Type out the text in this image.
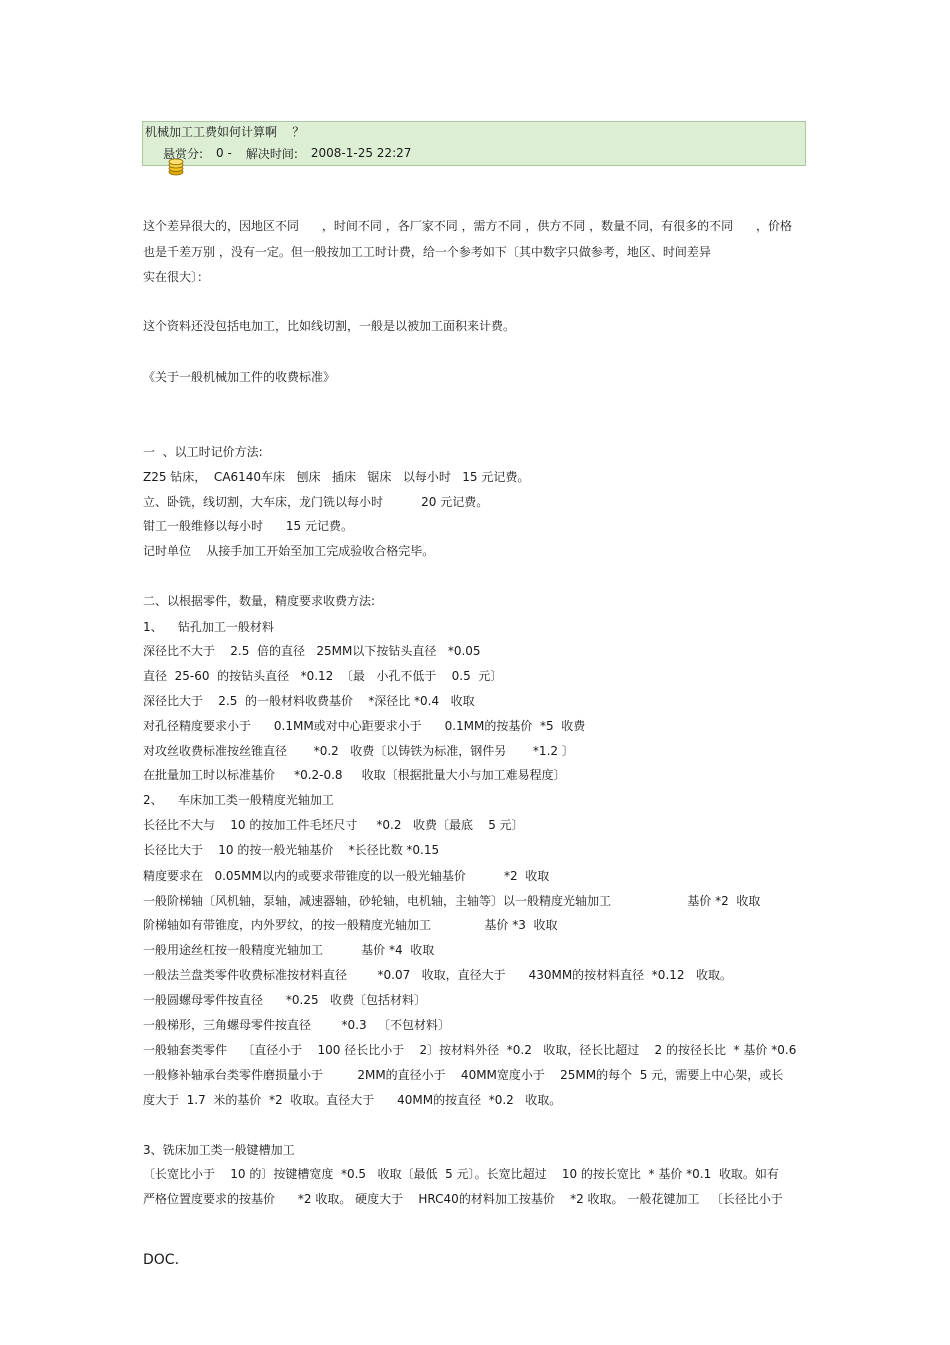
机械加工工费如何计算啊    ？

悬赏分: 0 - 解决时间: 2008-1-25 22:27
这个差异很大的，因地区不同      ，时间不同 ，各厂家不同 ，需方不同 ，供方不同 ，数量不同，有很多的不同      ，价格
也是千差万别 ，没有一定。但一般按加工工时计费，给一个参考如下〔其中数字只做参考，地区、时间差异
实在很大〕：
这个资料还没包括电加工，比如线切割，一般是以被加工面积来计费。
《关于一般机械加工件的收费标准》
一  、以工时记价方法:
Z25 钻床，  CA6140车床   刨床   插床   锯床   以每小时   15 元记费。
立、卧铣，线切割，大车床，龙门铣以每小时          20 元记费。
钳工一般维修以每小时      15 元记费。
记时单位    从接手加工开始至加工完成验收合格完毕。
二、以根据零件，数量，精度要求收费方法:
1、    钻孔加工一般材料
深径比不大于    2.5  倍的直径   25MM以下按钻头直径   *0.05
直径  25-60  的按钻头直径   *0.12  〔最   小孔不低于    0.5  元〕
深径比大于    2.5  的一般材料收费基价    *深径比 *0.4   收取
对孔径精度要求小于      0.1MM或对中心距要求小于      0.1MM的按基价  *5  收费
对攻丝收费标准按丝锥直径       *0.2   收费〔以铸铁为标准，钢件另       *1.2 〕
在批量加工时以标准基价     *0.2-0.8     收取〔根据批量大小与加工难易程度〕
2、    车床加工类一般精度光轴加工
长径比不大与    10 的按加工件毛坯尺寸     *0.2   收费〔最底    5 元〕
长径比大于    10 的按一般光轴基价    *长径比数 *0.15
精度要求在   0.05MM以内的或要求带锥度的以一般光轴基价          *2  收取
一般阶梯轴〔风机轴，泵轴，减速器轴，砂轮轴，电机轴，主轴等〕以一般精度光轴加工                    基价 *2  收取
阶梯轴如有带锥度，内外罗纹，的按一般精度光轴加工              基价 *3  收取
一般用途丝杠按一般精度光轴加工          基价 *4  收取
一般法兰盘类零件收费标准按材料直径        *0.07   收取，直径大于      430MM的按材料直径  *0.12   收取。
一般圆螺母零件按直径      *0.25   收费〔包括材料〕
一般梯形，三角螺母零件按直径        *0.3   〔不包材料〕
一般轴套类零件    〔直径小于    100 径长比小于    2〕按材料外径  *0.2   收取，径长比超过    2 的按径长比  * 基价 *0.6
一般修补轴承台类零件磨损量小于         2MM的直径小于    40MM宽度小于    25MM的每个  5 元，需要上中心架，或长
度大于  1.7  米的基价  *2  收取。直径大于      40MM的按直径  *0.2   收取。
3、铣床加工类一般键槽加工
〔长宽比小于    10 的〕按键槽宽度  *0.5   收取〔最低  5 元〕。长宽比超过    10 的按长宽比  * 基价 *0.1  收取。如有
严格位置度要求的按基价      *2 收取。 硬度大于    HRC40的材料加工按基价    *2 收取。 一般花键加工   〔长径比小于
DOC.
